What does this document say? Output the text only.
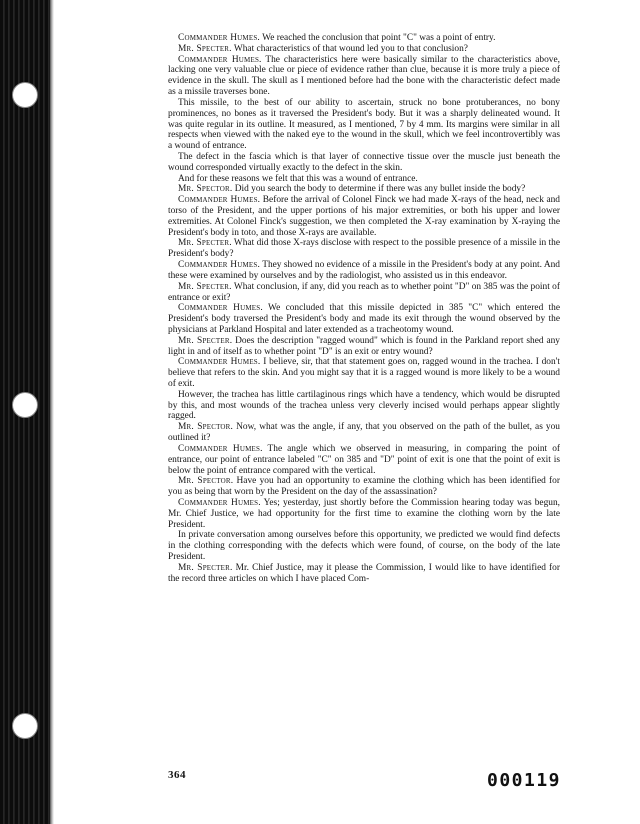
Commander Humes. We reached the conclusion that point "C" was a point of entry.

Mr. Specter. What characteristics of that wound led you to that conclusion?

Commander Humes. The characteristics here were basically similar to the characteristics above, lacking one very valuable clue or piece of evidence rather than clue, because it is more truly a piece of evidence in the skull. The skull as I mentioned before had the bone with the characteristic defect made as a missile traverses bone.

This missile, to the best of our ability to ascertain, struck no bone protuberances, no bony prominences, no bones as it traversed the President's body. But it was a sharply delineated wound. It was quite regular in its outline. It measured, as I mentioned, 7 by 4 mm. Its margins were similar in all respects when viewed with the naked eye to the wound in the skull, which we feel incontrovertibly was a wound of entrance.

The defect in the fascia which is that layer of connective tissue over the muscle just beneath the wound corresponded virtually exactly to the defect in the skin.

And for these reasons we felt that this was a wound of entrance.

Mr. Spector. Did you search the body to determine if there was any bullet inside the body?

Commander Humes. Before the arrival of Colonel Finck we had made X-rays of the head, neck and torso of the President, and the upper portions of his major extremities, or both his upper and lower extremities. At Colonel Finck's suggestion, we then completed the X-ray examination by X-raying the President's body in toto, and those X-rays are available.

Mr. Specter. What did those X-rays disclose with respect to the possible presence of a missile in the President's body?

Commander Humes. They showed no evidence of a missile in the President's body at any point. And these were examined by ourselves and by the radiologist, who assisted us in this endeavor.

Mr. Specter. What conclusion, if any, did you reach as to whether point "D" on 385 was the point of entrance or exit?

Commander Humes. We concluded that this missile depicted in 385 "C" which entered the President's body traversed the President's body and made its exit through the wound observed by the physicians at Parkland Hospital and later extended as a tracheotomy wound.

Mr. Specter. Does the description "ragged wound" which is found in the Parkland report shed any light in and of itself as to whether point "D" is an exit or entry wound?

Commander Humes. I believe, sir, that that statement goes on, ragged wound in the trachea. I don't believe that refers to the skin. And you might say that it is a ragged wound is more likely to be a wound of exit.

However, the trachea has little cartilaginous rings which have a tendency, which would be disrupted by this, and most wounds of the trachea unless very cleverly incised would perhaps appear slightly ragged.

Mr. Spector. Now, what was the angle, if any, that you observed on the path of the bullet, as you outlined it?

Commander Humes. The angle which we observed in measuring, in comparing the point of entrance, our point of entrance labeled "C" on 385 and "D" point of exit is one that the point of exit is below the point of entrance compared with the vertical.

Mr. Spector. Have you had an opportunity to examine the clothing which has been identified for you as being that worn by the President on the day of the assassination?

Commander Humes. Yes; yesterday, just shortly before the Commission hearing today was begun, Mr. Chief Justice, we had opportunity for the first time to examine the clothing worn by the late President.

In private conversation among ourselves before this opportunity, we predicted we would find defects in the clothing corresponding with the defects which were found, of course, on the body of the late President.

Mr. Specter. Mr. Chief Justice, may it please the Commission, I would like to have identified for the record three articles on which I have placed Com-

364	000119
